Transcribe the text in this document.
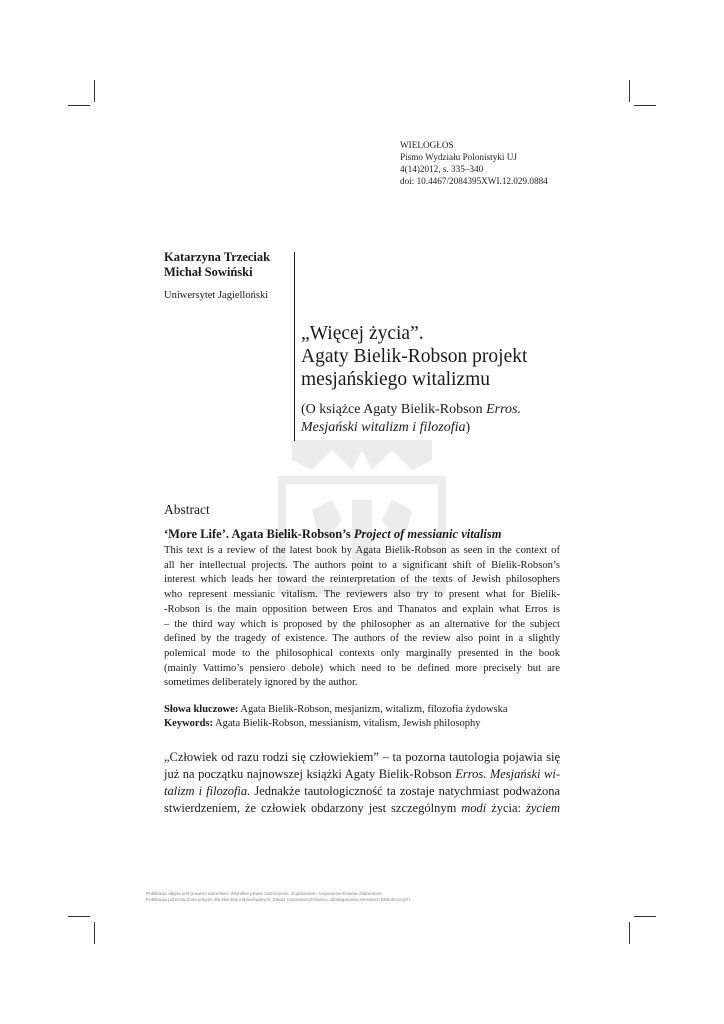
WIELOGŁOS
Pismo Wydziału Polonistyki UJ
4(14)2012, s. 335–340
doi: 10.4467/2084395XWI.12.029.0884
Katarzyna Trzeciak
Michał Sowiński
Uniwersytet Jagielloński
„Więcej życia”.
Agaty Bielik-Robson projekt
mesjańskiego witalizmu
(O książce Agaty Bielik-Robson Erros.
Mesjański witalizm i filozofia)
Abstract
‘More Life’. Agata Bielik-Robson’s Project of messianic vitalism
This text is a review of the latest book by Agata Bielik-Robson as seen in the context of
all her intellectual projects. The authors point to a significant shift of Bielik-Robson’s
interest which leads her toward the reinterpretation of the texts of Jewish philosophers
who represent messianic vitalism. The reviewers also try to present what for Bielik-
-Robson is the main opposition between Eros and Thanatos and explain what Erros is
– the third way which is proposed by the philosopher as an alternative for the subject
defined by the tragedy of existence. The authors of the review also point in a slightly
polemical mode to the philosophical contexts only marginally presented in the book
(mainly Vattimo’s pensiero debole) which need to be defined more precisely but are
sometimes deliberately ignored by the author.
Słowa kluczowe: Agata Bielik-Robson, mesjanizm, witalizm, filozofia żydowska
Keywords: Agata Bielik-Robson, messianism, vitalism, Jewish philosophy
„Człowiek od razu rodzi się człowiekiem” – ta pozorna tautologia pojawia się
już na początku najnowszej książki Agaty Bielik-Robson Erros. Mesjański wi-
talizm i filozofia. Jednakże tautologiczność ta zostaje natychmiast podważona
stwierdzeniem, że człowiek obdarzony jest szczególnym modi życia: życiem
Publikacja objęta jest prawem autorskim. Wszelkie prawa zastrzeżone. Kopiowanie i rozpowszechnianie zabronione.
Publikacja przeznaczona jedynie dla klientów indywidualnych. Zakaz rozpowszechniania i udostępniania serwisach bibliotecznych.
